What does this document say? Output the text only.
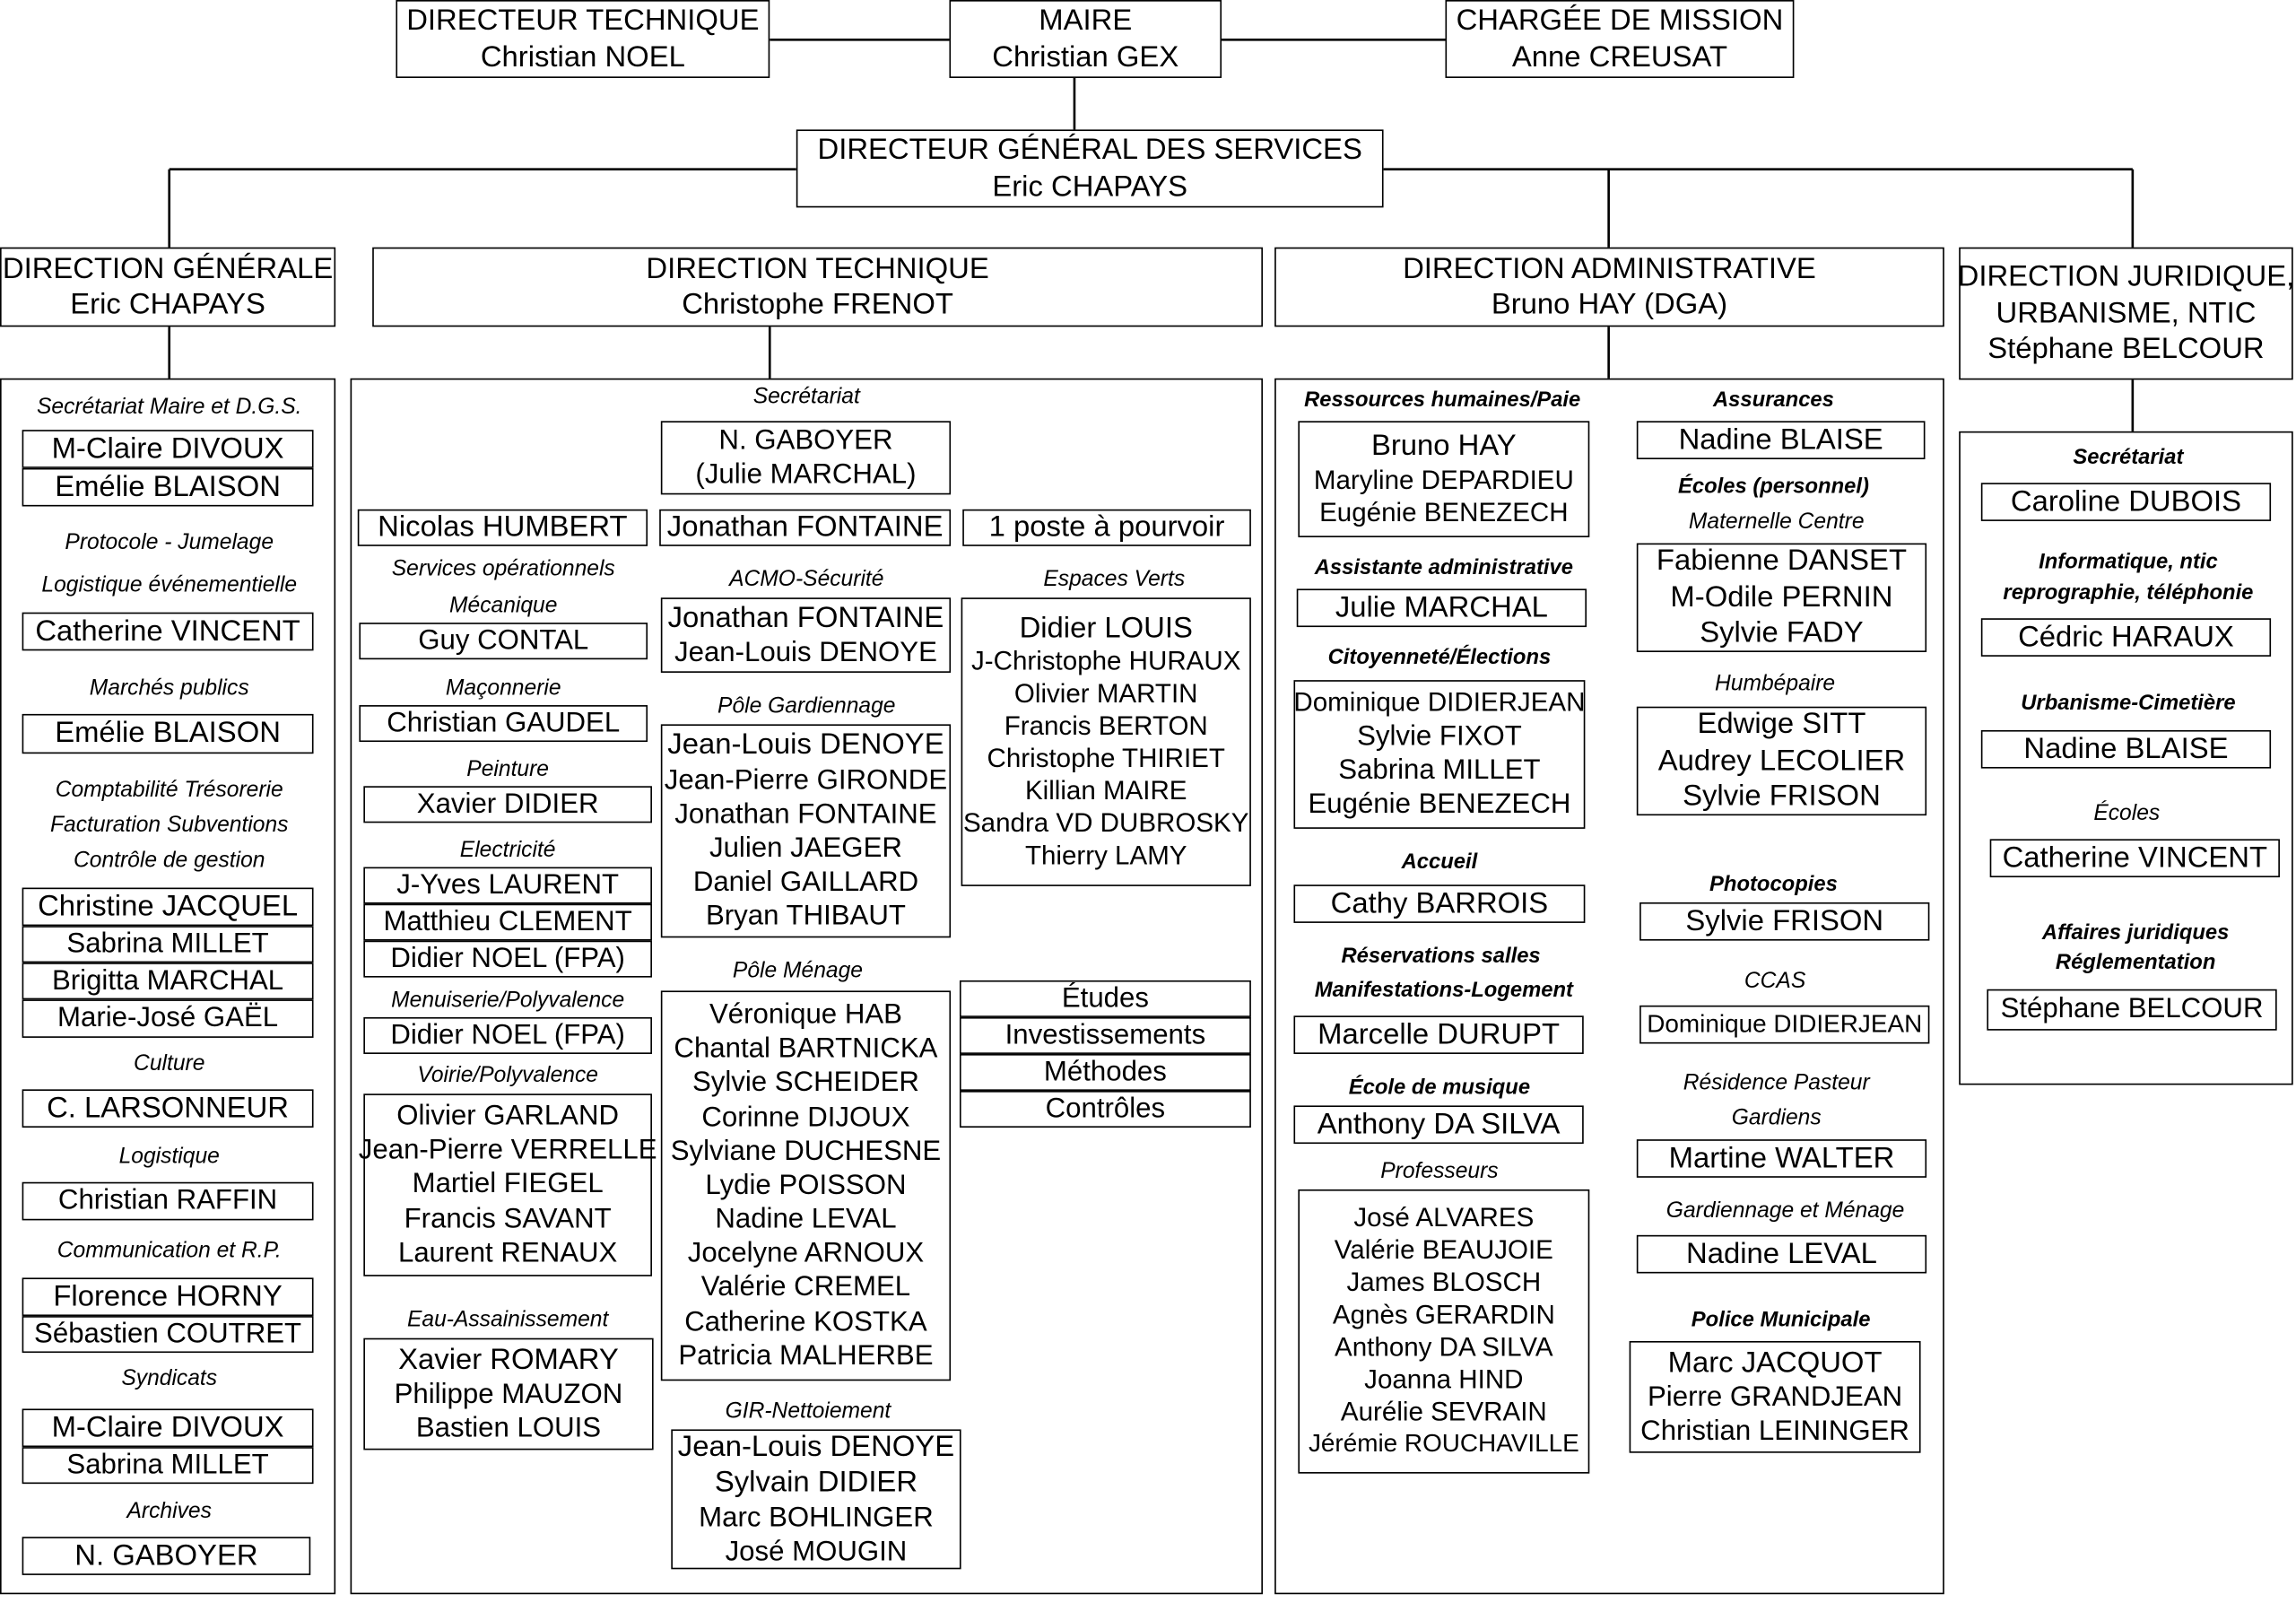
DIRECTEUR TECHNIQUE
Christian NOEL
MAIRE
Christian GEX
CHARGÉE DE MISSION
Anne CREUSAT
DIRECTEUR GÉNÉRAL DES SERVICES
Eric CHAPAYS
DIRECTION GÉNÉRALE
Eric CHAPAYS
DIRECTION TECHNIQUE
Christophe FRENOT
DIRECTION ADMINISTRATIVE
Bruno HAY (DGA)
DIRECTION JURIDIQUE,
URBANISME, NTIC
Stéphane BELCOUR
Secrétariat Maire et D.G.S.
M-Claire DIVOUX
Emélie BLAISON
Protocole - Jumelage
Logistique événementielle
Catherine VINCENT
Marchés publics
Emélie BLAISON
Comptabilité Trésorerie
Facturation Subventions
Contrôle de gestion
Christine JACQUEL
Sabrina MILLET
Brigitta MARCHAL
Marie-José GAËL
Culture
C. LARSONNEUR
Logistique
Christian RAFFIN
Communication et R.P.
Florence HORNY
Sébastien COUTRET
Syndicats
M-Claire DIVOUX
Sabrina MILLET
Archives
N. GABOYER
Secrétariat
N. GABOYER
(Julie MARCHAL)
Nicolas HUMBERT Jonathan FONTAINE	1 poste à pourvoir
Services opérationnels
Mécanique
Guy CONTAL
Maçonnerie
Christian GAUDEL
Peinture
Xavier DIDIER
Electricité
J-Yves LAURENT
Matthieu CLEMENT
Didier NOEL (FPA)
Menuiserie/Polyvalence
Didier NOEL (FPA)
Voirie/Polyvalence
Olivier GARLAND
Jean-Pierre VERRELLE
Martiel FIEGEL
Francis SAVANT
Laurent RENAUX
Eau-Assainissement
Xavier ROMARY
Philippe MAUZON
Bastien LOUIS
ACMO-Sécurité
Jonathan FONTAINE
Jean-Louis DENOYE
Pôle Gardiennage
Jean-Louis DENOYE
Jean-Pierre GIRONDE
Jonathan FONTAINE
Julien JAEGER
Daniel GAILLARD
Bryan THIBAUT
Pôle Ménage
Véronique HAB
Chantal BARTNICKA
Sylvie SCHEIDER
Corinne DIJOUX
Sylviane DUCHESNE
Lydie POISSON
Nadine LEVAL
Jocelyne ARNOUX
Valérie CREMEL
Catherine KOSTKA
Patricia MALHERBE
GIR-Nettoiement
Jean-Louis DENOYE
Sylvain DIDIER
Marc BOHLINGER
José MOUGIN
Espaces Verts
Didier LOUIS
J-Christophe HURAUX
Olivier MARTIN
Francis BERTON
Christophe THIRIET
Killian MAIRE
Sandra VD DUBROSKY
Thierry LAMY
Études
Investissements
Méthodes
Contrôles
Ressources humaines/Paie
Bruno HAY
Maryline DEPARDIEU
Eugénie BENEZECH
Assistante administrative
Julie MARCHAL
Citoyenneté/Élections
Dominique DIDIERJEAN
Sylvie FIXOT
Sabrina MILLET
Eugénie BENEZECH
Accueil
Cathy BARROIS
Réservations salles
Manifestations-Logement
Marcelle DURUPT
École de musique
Anthony DA SILVA
Professeurs
José ALVARES
Valérie BEAUJOIE
James BLOSCH
Agnès GERARDIN
Anthony DA SILVA
Joanna HIND
Aurélie SEVRAIN
Jérémie ROUCHAVILLE
Assurances
Nadine BLAISE
Écoles (personnel)
Maternelle Centre
Fabienne DANSET
M-Odile PERNIN
Sylvie FADY
Humbépaire
Edwige SITT
Audrey LECOLIER
Sylvie FRISON
Photocopies
Sylvie FRISON
CCAS
Dominique DIDIERJEAN
Résidence Pasteur
Gardiens
Martine WALTER
Gardiennage et Ménage
Nadine LEVAL
Police Municipale
Marc JACQUOT
Pierre GRANDJEAN
Christian LEININGER
Secrétariat
Caroline DUBOIS
Informatique, ntic
reprographie, téléphonie
Cédric HARAUX
Urbanisme-Cimetière
Nadine BLAISE
Écoles
Catherine VINCENT
Affaires juridiques
Réglementation
Stéphane BELCOUR
